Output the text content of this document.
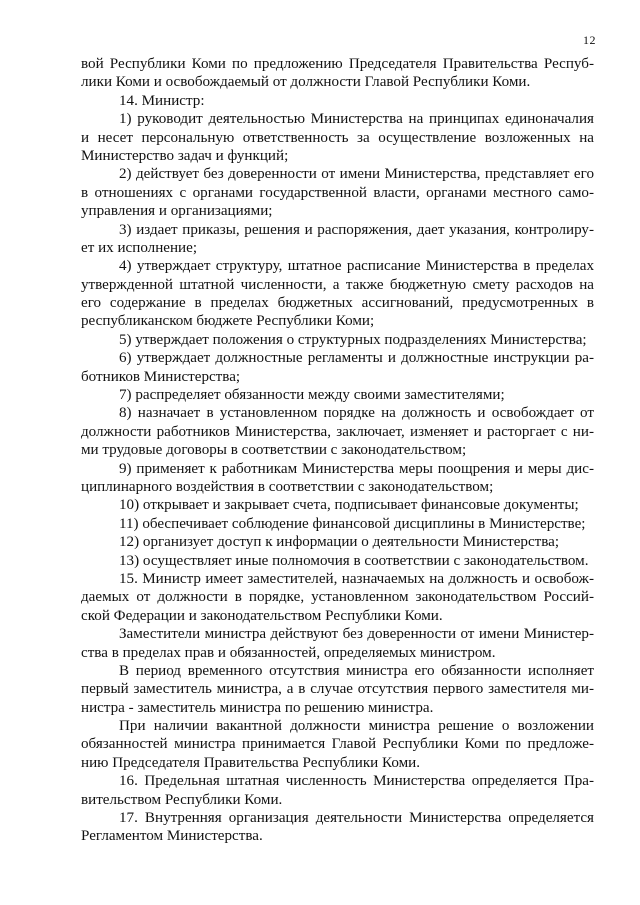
12
вой Республики Коми по предложению Председателя Правительства Респуб-
лики Коми и освобождаемый от должности Главой Республики Коми.
14. Министр:
1) руководит деятельностью Министерства на принципах единоначалия
и несет персональную ответственность за осуществление возложенных на
Министерство задач и функций;
2) действует без доверенности от имени Министерства, представляет его
в отношениях с органами государственной власти, органами местного само-
управления и организациями;
3) издает приказы, решения и распоряжения, дает указания, контролиру-
ет их исполнение;
4) утверждает структуру, штатное расписание Министерства в пределах
утвержденной штатной численности, а также бюджетную смету расходов на
его содержание в пределах бюджетных ассигнований, предусмотренных в
республиканском бюджете Республики Коми;
5) утверждает положения о структурных подразделениях Министерства;
6) утверждает должностные регламенты и должностные инструкции ра-
ботников Министерства;
7) распределяет обязанности между своими заместителями;
8) назначает в установленном порядке на должность и освобождает от
должности работников Министерства, заключает, изменяет и расторгает с ни-
ми трудовые договоры в соответствии с законодательством;
9) применяет к работникам Министерства меры поощрения и меры дис-
циплинарного воздействия в соответствии с законодательством;
10) открывает и закрывает счета, подписывает финансовые документы;
11) обеспечивает соблюдение финансовой дисциплины в Министерстве;
12) организует доступ к информации о деятельности Министерства;
13) осуществляет иные полномочия в соответствии с законодательством.
15. Министр имеет заместителей, назначаемых на должность и освобож-
даемых от должности в порядке, установленном законодательством Россий-
ской Федерации и законодательством Республики Коми.
Заместители министра действуют без доверенности от имени Министер-
ства в пределах прав и обязанностей, определяемых министром.
В период временного отсутствия министра его обязанности исполняет
первый заместитель министра, а в случае отсутствия первого заместителя ми-
нистра - заместитель министра по решению министра.
При наличии вакантной должности министра решение о возложении
обязанностей министра принимается Главой Республики Коми по предложе-
нию Председателя Правительства Республики Коми.
16. Предельная штатная численность Министерства определяется Пра-
вительством Республики Коми.
17. Внутренняя организация деятельности Министерства определяется
Регламентом Министерства.
